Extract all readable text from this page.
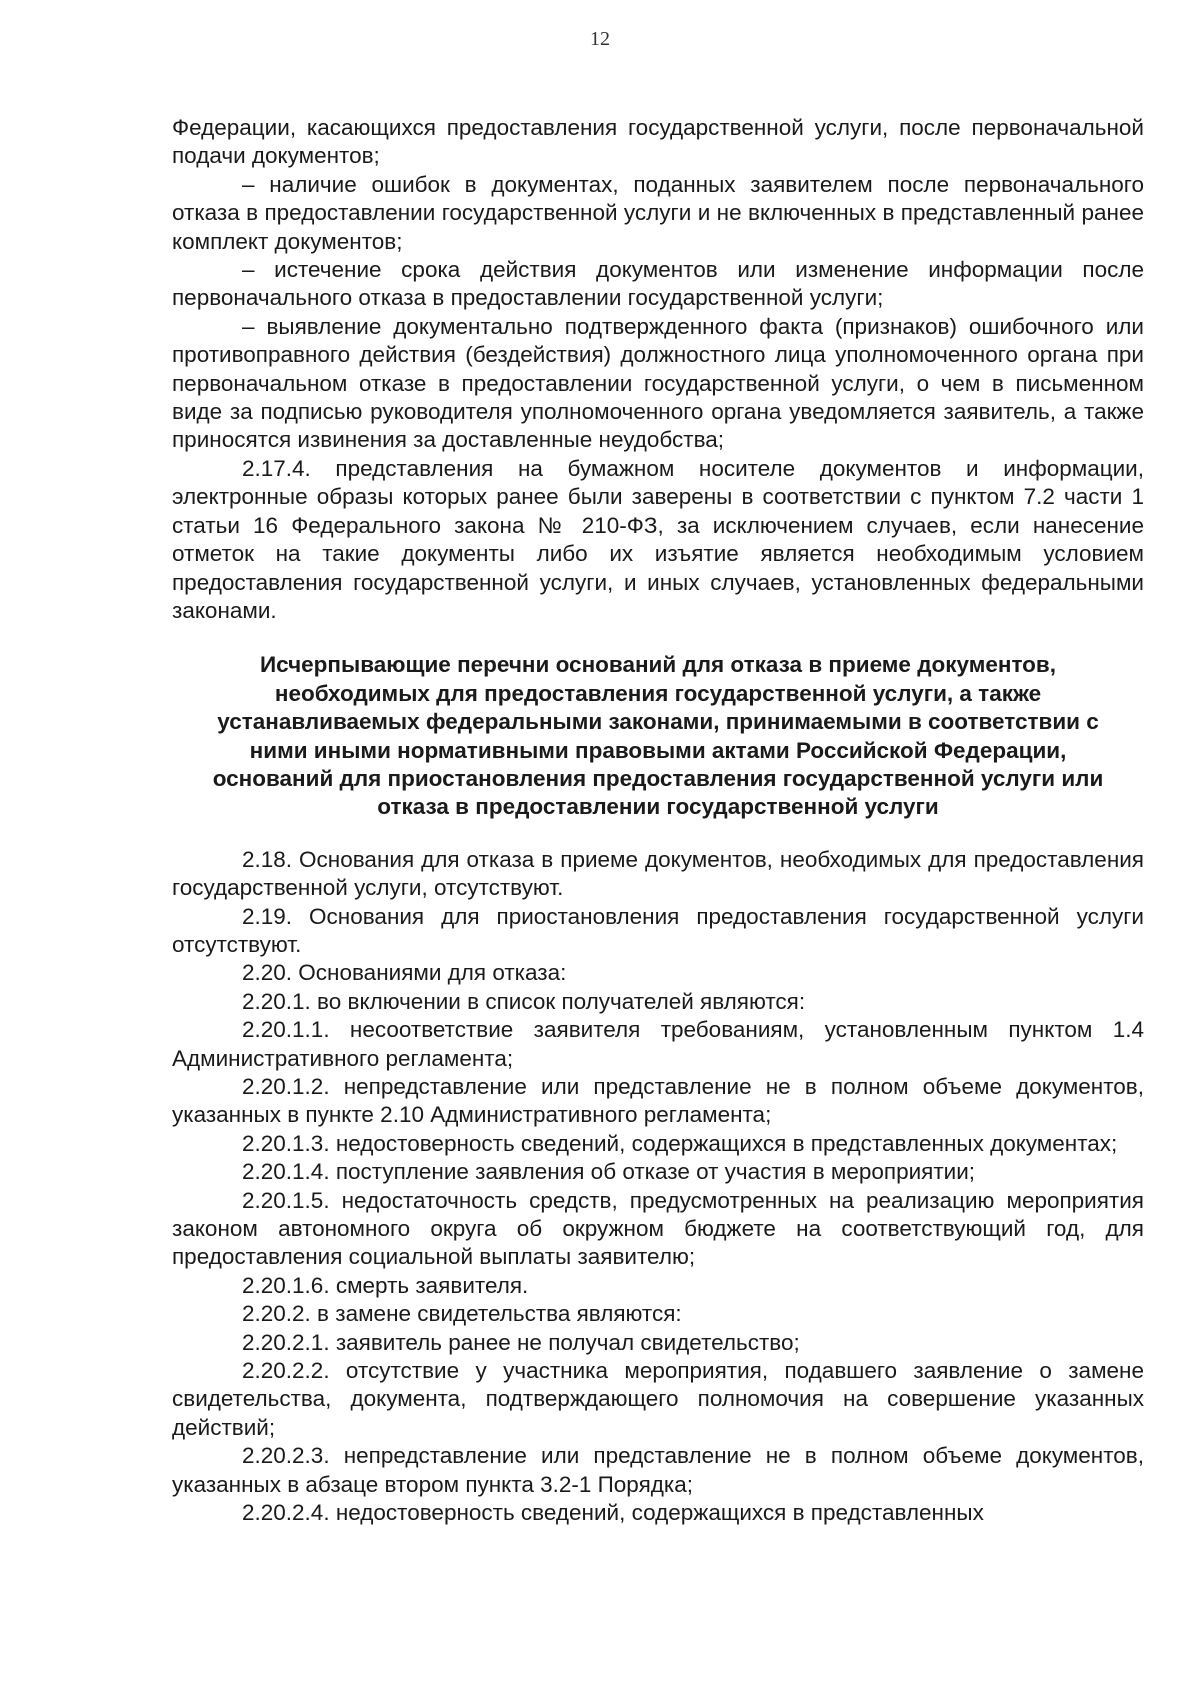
12

Федерации, касающихся предоставления государственной услуги, после первоначальной подачи документов;

– наличие ошибок в документах, поданных заявителем после первоначального отказа в предоставлении государственной услуги и не включенных в представленный ранее комплект документов;

– истечение срока действия документов или изменение информации после первоначального отказа в предоставлении государственной услуги;

– выявление документально подтвержденного факта (признаков) ошибочного или противоправного действия (бездействия) должностного лица уполномоченного органа при первоначальном отказе в предоставлении государственной услуги, о чем в письменном виде за подписью руководителя уполномоченного органа уведомляется заявитель, а также приносятся извинения за доставленные неудобства;

2.17.4. представления на бумажном носителе документов и информации, электронные образы которых ранее были заверены в соответствии с пунктом 7.2 части 1 статьи 16 Федерального закона № 210-ФЗ, за исключением случаев, если нанесение отметок на такие документы либо их изъятие является необходимым условием предоставления государственной услуги, и иных случаев, установленных федеральными законами.

Исчерпывающие перечни оснований для отказа в приеме документов,
необходимых для предоставления государственной услуги, а также
устанавливаемых федеральными законами, принимаемыми в соответствии с
ними иными нормативными правовыми актами Российской Федерации,
оснований для приостановления предоставления государственной услуги или
отказа в предоставлении государственной услуги

2.18. Основания для отказа в приеме документов, необходимых для предоставления государственной услуги, отсутствуют.

2.19. Основания для приостановления предоставления государственной услуги отсутствуют.

2.20. Основаниями для отказа:

2.20.1. во включении в список получателей являются:

2.20.1.1. несоответствие заявителя требованиям, установленным пунктом 1.4 Административного регламента;

2.20.1.2. непредставление или представление не в полном объеме документов, указанных в пункте 2.10 Административного регламента;

2.20.1.3. недостоверность сведений, содержащихся в представленных документах;

2.20.1.4. поступление заявления об отказе от участия в мероприятии;

2.20.1.5. недостаточность средств, предусмотренных на реализацию мероприятия законом автономного округа об окружном бюджете на соответствующий год, для предоставления социальной выплаты заявителю;

2.20.1.6. смерть заявителя.

2.20.2. в замене свидетельства являются:

2.20.2.1. заявитель ранее не получал свидетельство;

2.20.2.2. отсутствие у участника мероприятия, подавшего заявление о замене свидетельства, документа, подтверждающего полномочия на совершение указанных действий;

2.20.2.3. непредставление или представление не в полном объеме документов, указанных в абзаце втором пункта 3.2-1 Порядка;

2.20.2.4. недостоверность сведений, содержащихся в представленных
